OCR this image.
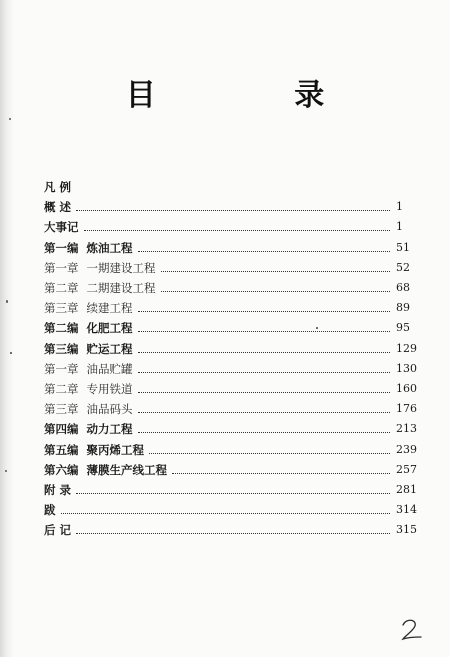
目 录
凡 例
概 述	1
大事记	1
第一编 炼油工程	51
第一章 一期建设工程	52
第二章 二期建设工程	68
第三章 续建工程	89
第二编 化肥工程	95
第三编 贮运工程	129
第一章 油品贮罐	130
第二章 专用铁道	160
第三章 油品码头	176
第四编 动力工程	213
第五编 聚丙烯工程	239
第六编 薄膜生产线工程	257
附 录	281
跋	314
后 记	315
